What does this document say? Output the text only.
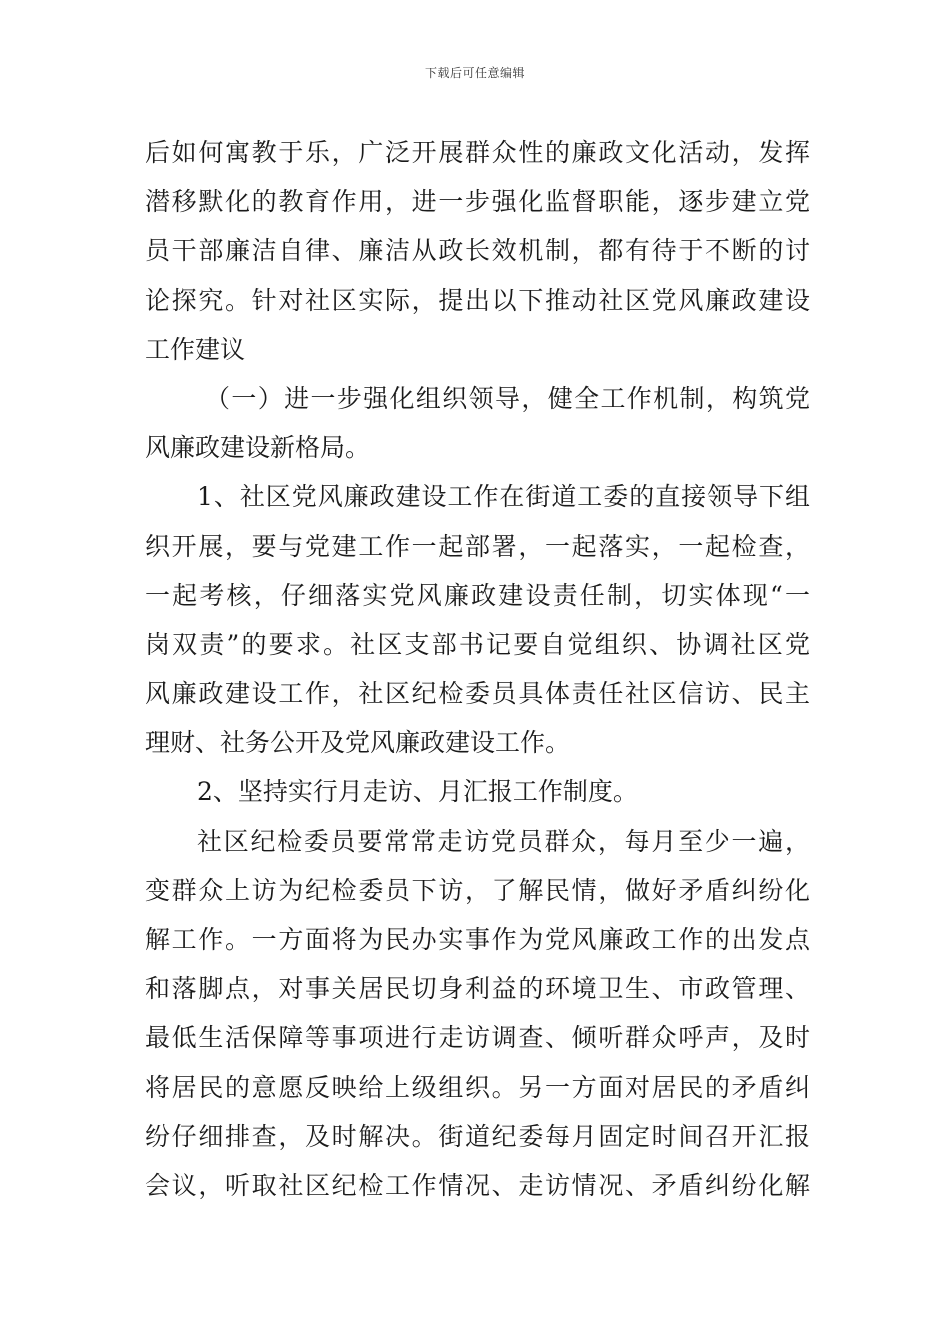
下载后可任意编辑
后如何寓教于乐，广泛开展群众性的廉政文化活动，发挥
潜移默化的教育作用，进一步强化监督职能，逐步建立党
员干部廉洁自律、廉洁从政长效机制，都有待于不断的讨
论探究。针对社区实际，提出以下推动社区党风廉政建设
工作建议
（一）进一步强化组织领导，健全工作机制，构筑党
风廉政建设新格局。
1、社区党风廉政建设工作在街道工委的直接领导下组
织开展，要与党建工作一起部署，一起落实，一起检查，
一起考核，仔细落实党风廉政建设责任制，切实体现“一
岗双责”的要求。社区支部书记要自觉组织、协调社区党
风廉政建设工作，社区纪检委员具体责任社区信访、民主
理财、社务公开及党风廉政建设工作。
2、坚持实行月走访、月汇报工作制度。
社区纪检委员要常常走访党员群众，每月至少一遍，
变群众上访为纪检委员下访，了解民情，做好矛盾纠纷化
解工作。一方面将为民办实事作为党风廉政工作的出发点
和落脚点，对事关居民切身利益的环境卫生、市政管理、
最低生活保障等事项进行走访调查、倾听群众呼声，及时
将居民的意愿反映给上级组织。另一方面对居民的矛盾纠
纷仔细排查，及时解决。街道纪委每月固定时间召开汇报
会议，听取社区纪检工作情况、走访情况、矛盾纠纷化解
